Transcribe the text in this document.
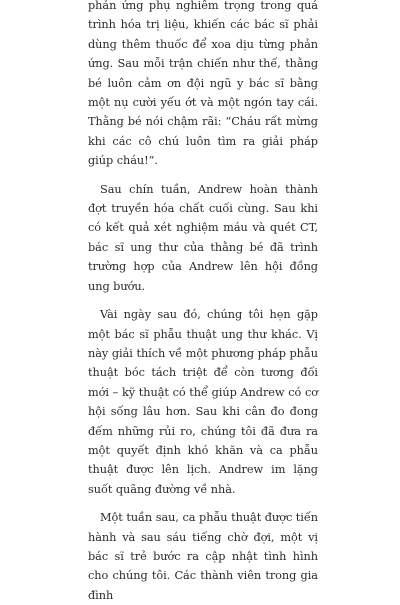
phản ứng phụ nghiêm trọng trong quá trình hóa trị liệu, khiến các bác sĩ phải dùng thêm thuốc để xoa dịu từng phản ứng. Sau mỗi trận chiến như thế, thằng bé luôn cảm ơn đội ngũ y bác sĩ bằng một nụ cười yếu ớt và một ngón tay cái. Thằng bé nói chậm rãi: “Cháu rất mừng khi các cô chú luôn tìm ra giải pháp giúp cháu!”.

Sau chín tuần, Andrew hoàn thành đợt truyền hóa chất cuối cùng. Sau khi có kết quả xét nghiệm máu và quét CT, bác sĩ ung thư của thằng bé đã trình trường hợp của Andrew lên hội đồng ung bướu.

Vài ngày sau đó, chúng tôi hẹn gặp một bác sĩ phẫu thuật ung thư khác. Vị này giải thích về một phương pháp phẫu thuật bóc tách triệt để còn tương đối mới – kỹ thuật có thể giúp Andrew có cơ hội sống lâu hơn. Sau khi cân đo đong đếm những rủi ro, chúng tôi đã đưa ra một quyết định khó khăn và ca phẫu thuật được lên lịch. Andrew im lặng suốt quãng đường về nhà.

Một tuần sau, ca phẫu thuật được tiến hành và sau sáu tiếng chờ đợi, một vị bác sĩ trẻ bước ra cập nhật tình hình cho chúng tôi. Các thành viên trong gia đình
